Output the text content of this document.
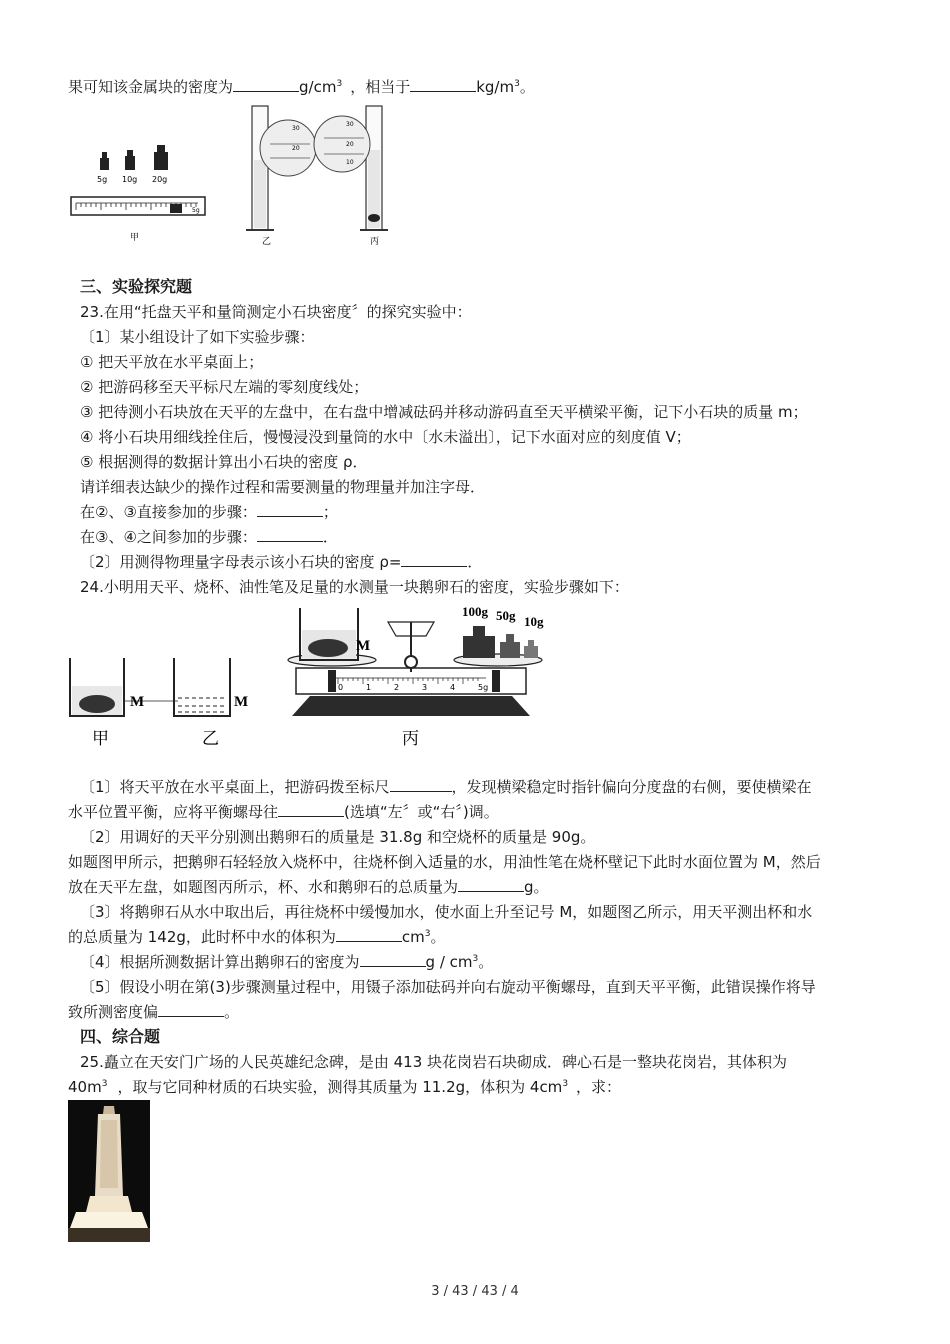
果可知该金属块的密度为	$g/cm^3$ ，相当于	$kg/m^3$。
5g 10g 20g
5g
甲
30
20
30
20
10
乙	丙
三、实验探究题
23.在用“托盘天平和量筒测定小石块密度〞的探究实验中：
〔1〕某小组设计了如下实验步骤：
① 把天平放在水平桌面上；
② 把游码移至天平标尺左端的零刻度线处；
③ 把待测小石块放在天平的左盘中，在右盘中增减砝码并移动游码直至天平横梁平衡，记下小石块的质量 m；
④ 将小石块用细线拴住后，慢慢浸没到量筒的水中〔水未溢出〕，记下水面对应的刻度值 V；
⑤ 根据测得的数据计算出小石块的密度 ρ．
请详细表达缺少的操作过程和需要测量的物理量并加注字母．
在②、③直接参加的步骤：	；
在③、④之间参加的步骤：	．
〔2〕用测得物理量字母表示该小石块的密度 ρ=	．
24.小明用天平、烧杯、油性笔及足量的水测量一块鹅卵石的密度，实验步骤如下：
M	M
0	1	2	3	4	5g
100g 50g 10g
M
甲	乙	丙
〔1〕将天平放在水平桌面上，把游码拨至标尺	，发现横梁稳定时指针偏向分度盘的右侧，要使横梁在
水平位置平衡，应将平衡螺母往	(选填“左〞或“右〞)调。
〔2〕用调好的天平分别测出鹅卵石的质量是 31.8g 和空烧杯的质量是 90g。
如题图甲所示，把鹅卵石轻轻放入烧杯中，往烧杯倒入适量的水，用油性笔在烧杯壁记下此时水面位置为 M，然后
放在天平左盘，如题图丙所示，杯、水和鹅卵石的总质量为	g。
〔3〕将鹅卵石从水中取出后，再往烧杯中缓慢加水，使水面上升至记号 M，如题图乙所示，用天平测出杯和水
的总质量为 142g，此时杯中水的体积为	$cm^3$。
〔4〕根据所测数据计算出鹅卵石的密度为	g / $cm^3$。
〔5〕假设小明在第(3)步骤测量过程中，用镊子添加砝码并向右旋动平衡螺母，直到天平平衡，此错误操作将导
致所测密度偏	。
四、综合题
25.矗立在天安门广场的人民英雄纪念碑，是由 413 块花岗岩石块砌成．碑心石是一整块花岗岩，其体积为
$40m^3$ ，取与它同种材质的石块实验，测得其质量为 11.2g，体积为 $4cm^3$ ，求：
3 / 43 / 43 / 4
